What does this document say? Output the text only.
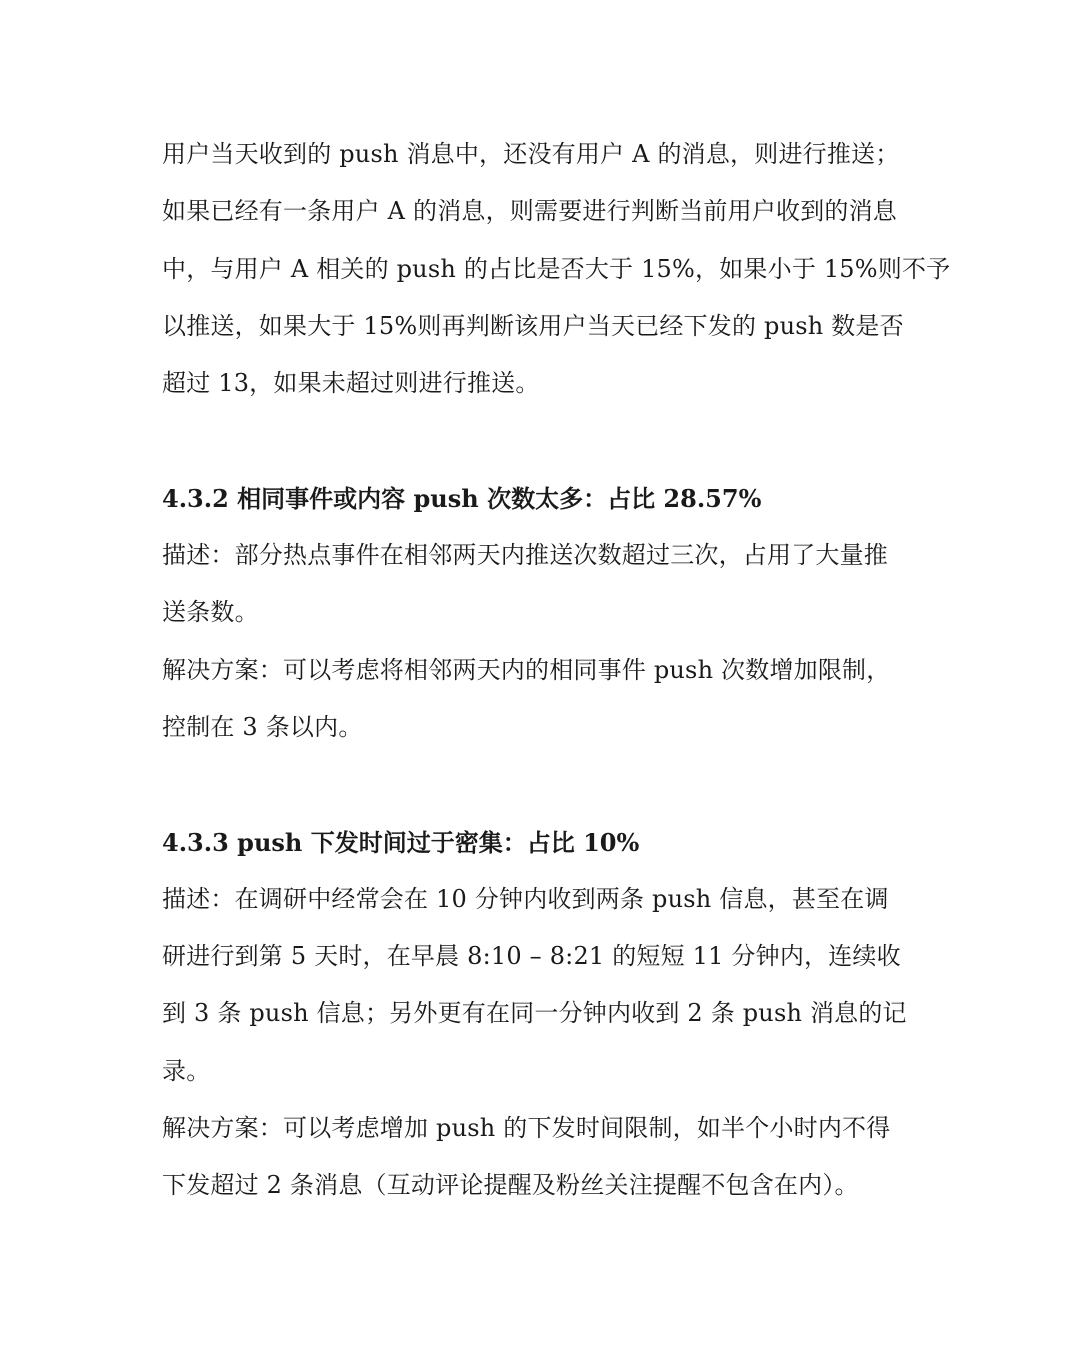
用户当天收到的 push 消息中，还没有用户 A 的消息，则进行推送；
如果已经有一条用户 A 的消息，则需要进行判断当前用户收到的消息
中，与用户 A 相关的 push 的占比是否大于 15%，如果小于 15%则不予
以推送，如果大于 15%则再判断该用户当天已经下发的 push 数是否
超过 13，如果未超过则进行推送。
4.3.2 相同事件或内容 push 次数太多：占比 28.57%
描述：部分热点事件在相邻两天内推送次数超过三次，占用了大量推
送条数。
解决方案：可以考虑将相邻两天内的相同事件 push 次数增加限制，
控制在 3 条以内。
4.3.3 push 下发时间过于密集：占比 10%
描述：在调研中经常会在 10 分钟内收到两条 push 信息，甚至在调
研进行到第 5 天时，在早晨 8:10 – 8:21 的短短 11 分钟内，连续收
到 3 条 push 信息；另外更有在同一分钟内收到 2 条 push 消息的记
录。
解决方案：可以考虑增加 push 的下发时间限制，如半个小时内不得
下发超过 2 条消息（互动评论提醒及粉丝关注提醒不包含在内）。
